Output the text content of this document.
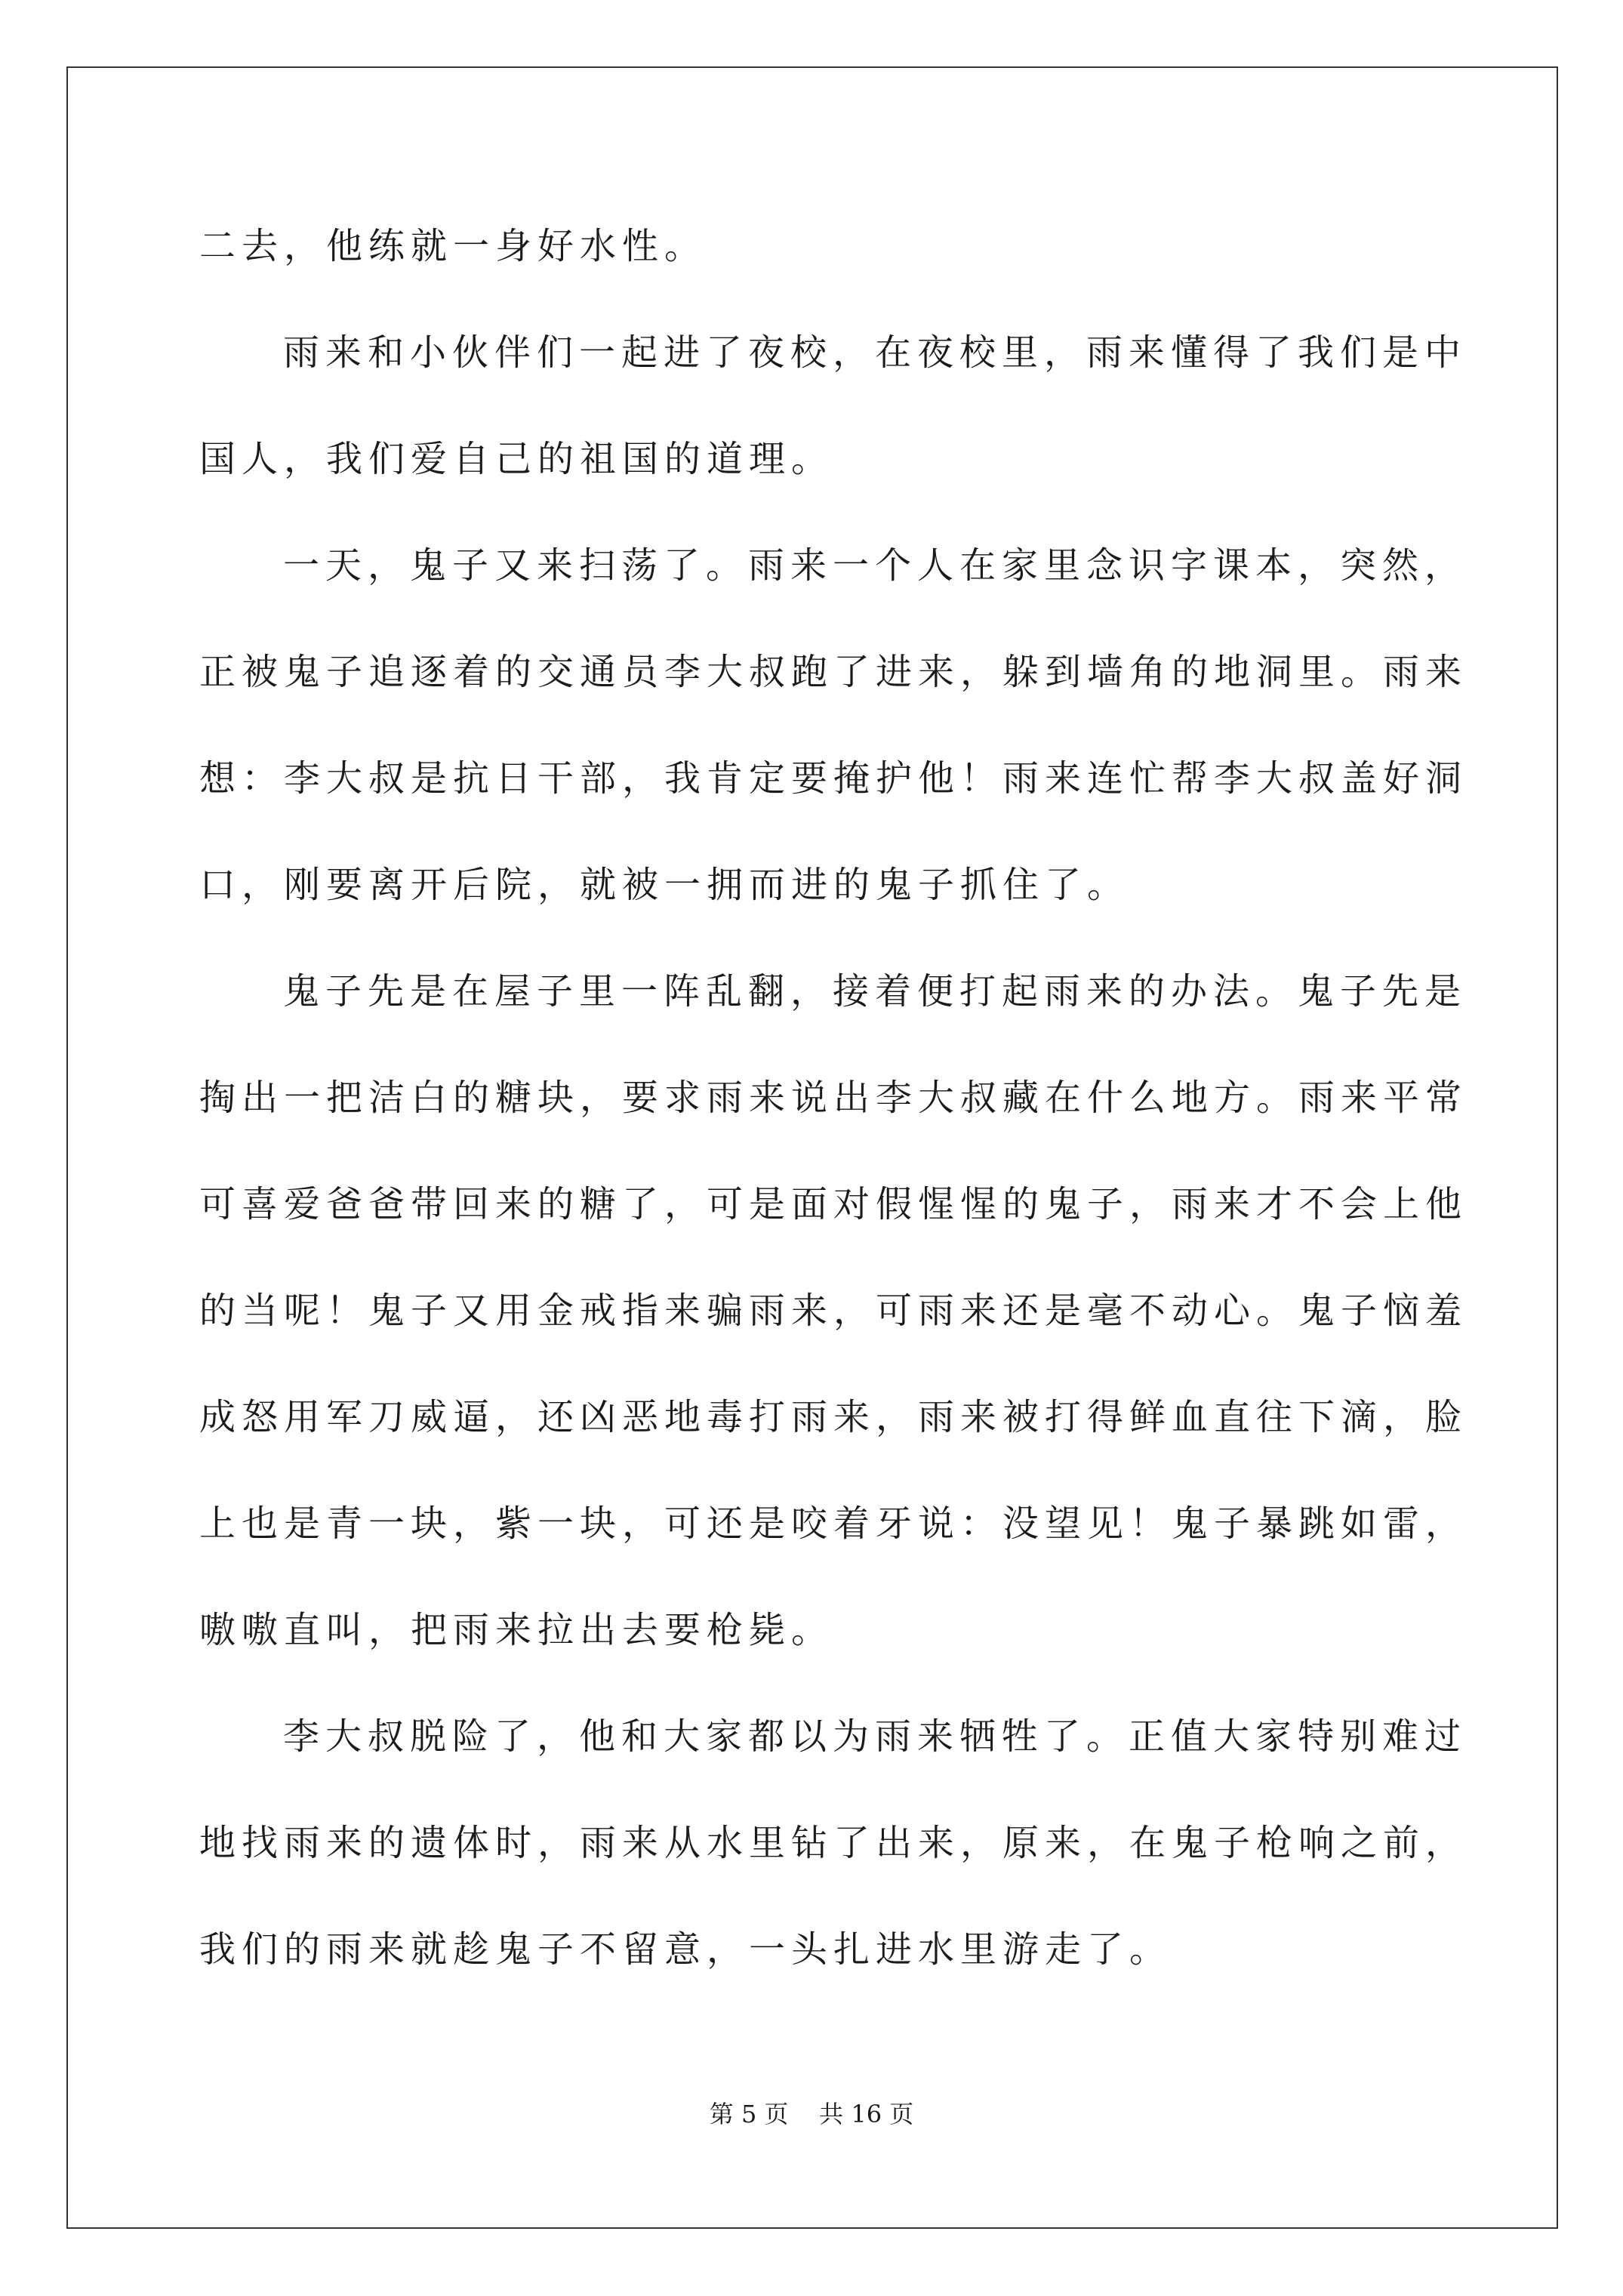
二去，他练就一身好水性。
雨来和小伙伴们一起进了夜校，在夜校里，雨来懂得了我们是中
国人，我们爱自己的祖国的道理。
一天，鬼子又来扫荡了。雨来一个人在家里念识字课本，突然，
正被鬼子追逐着的交通员李大叔跑了进来，躲到墙角的地洞里。雨来
想：李大叔是抗日干部，我肯定要掩护他！雨来连忙帮李大叔盖好洞
口，刚要离开后院，就被一拥而进的鬼子抓住了。
鬼子先是在屋子里一阵乱翻，接着便打起雨来的办法。鬼子先是
掏出一把洁白的糖块，要求雨来说出李大叔藏在什么地方。雨来平常
可喜爱爸爸带回来的糖了，可是面对假惺惺的鬼子，雨来才不会上他
的当呢！鬼子又用金戒指来骗雨来，可雨来还是毫不动心。鬼子恼羞
成怒用军刀威逼，还凶恶地毒打雨来，雨来被打得鲜血直往下滴，脸
上也是青一块，紫一块，可还是咬着牙说：没望见！鬼子暴跳如雷，
嗷嗷直叫，把雨来拉出去要枪毙。
李大叔脱险了，他和大家都以为雨来牺牲了。正值大家特别难过
地找雨来的遗体时，雨来从水里钻了出来，原来，在鬼子枪响之前，
我们的雨来就趁鬼子不留意，一头扎进水里游走了。
第 5 页    共 16 页
